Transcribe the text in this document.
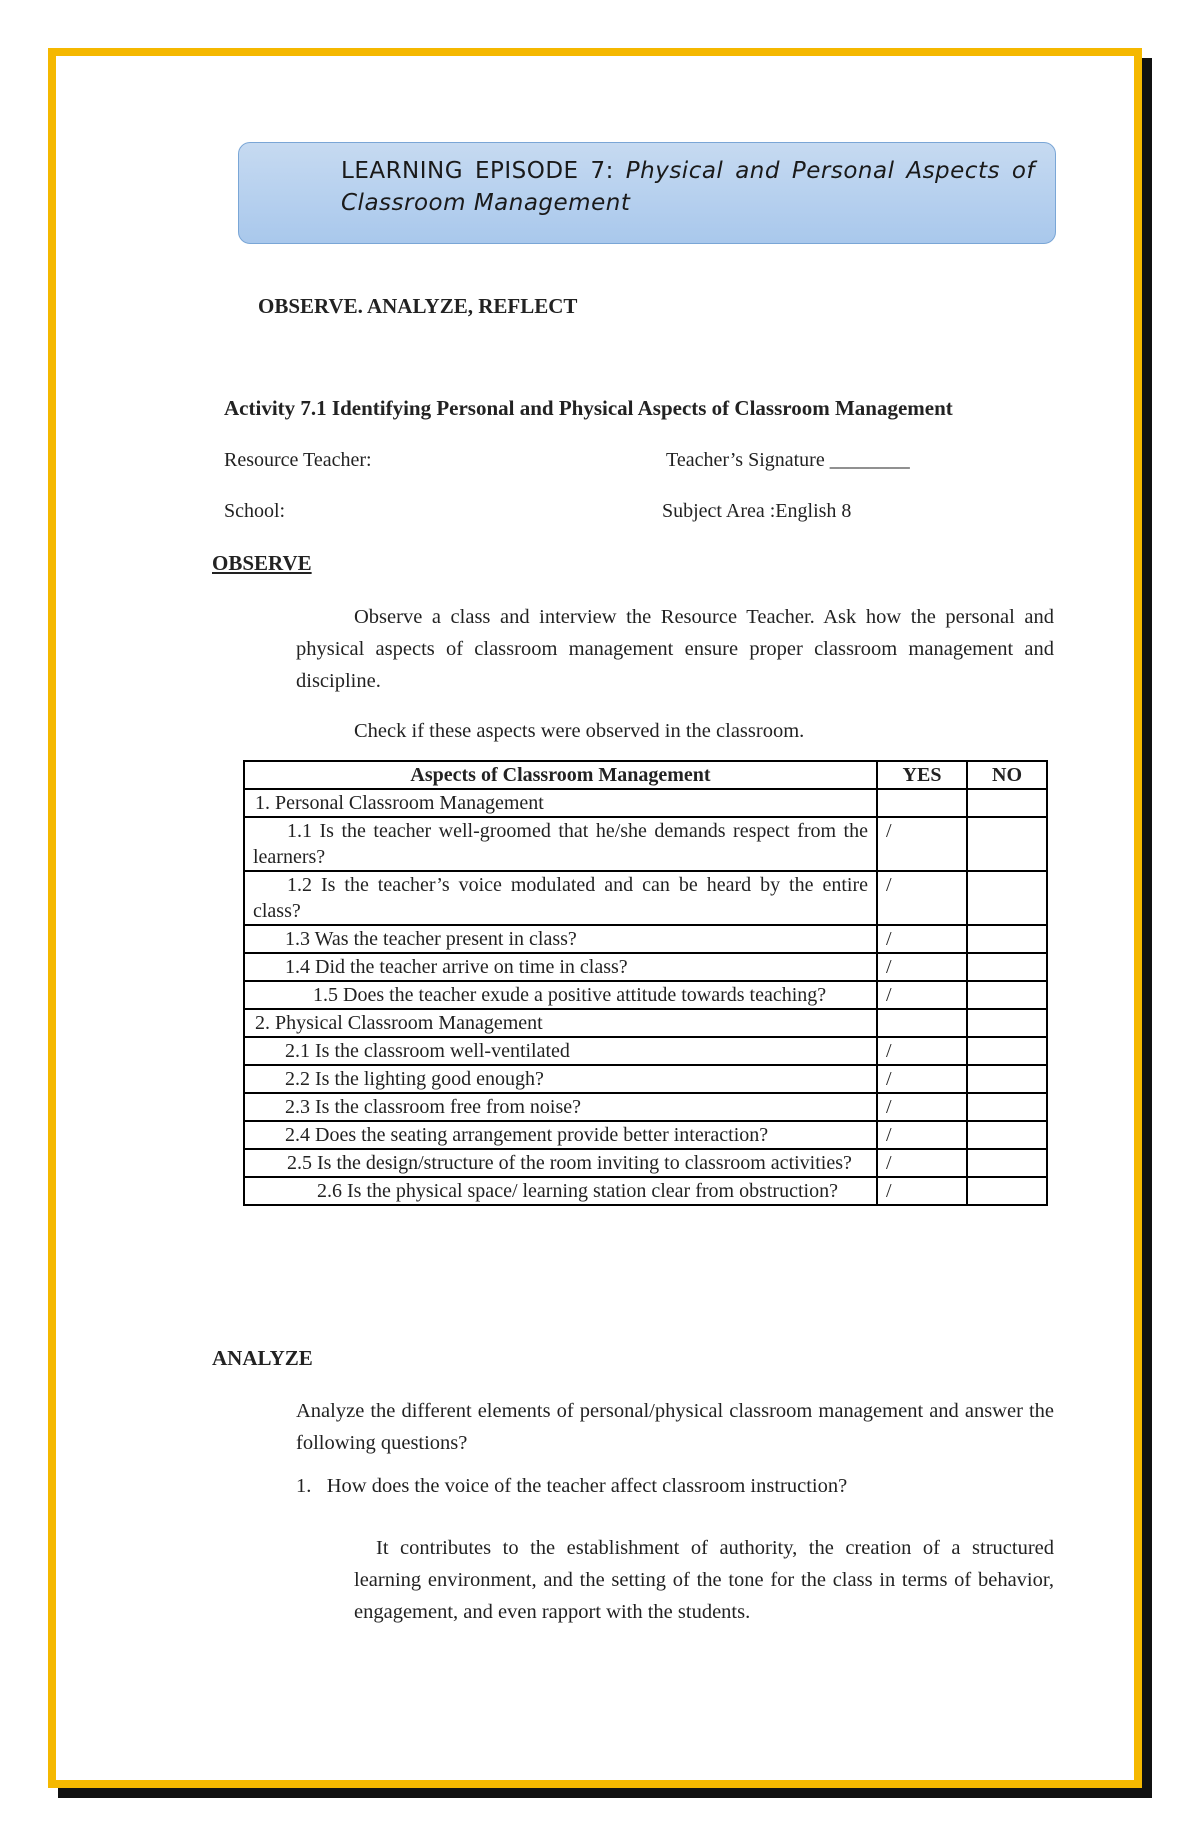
LEARNING EPISODE 7: Physical and Personal Aspects of Classroom Management
OBSERVE. ANALYZE, REFLECT
Activity 7.1 Identifying Personal and Physical Aspects of Classroom Management
Resource Teacher:	Teacher’s Signature ________
School:	Subject Area :English 8
OBSERVE
Observe a class and interview the Resource Teacher. Ask how the personal and physical aspects of classroom management ensure proper classroom management and discipline.
Check if these aspects were observed in the classroom.
Aspects of Classroom Management	YES	NO
1. Personal Classroom Management		
1.1 Is the teacher well-groomed that he/she demands respect from the learners?	/	
1.2 Is the teacher’s voice modulated and can be heard by the entire class?	/	
1.3 Was the teacher present in class?	/	
1.4 Did the teacher arrive on time in class?	/	
1.5 Does the teacher exude a positive attitude towards teaching?	/	
2. Physical Classroom Management		
2.1 Is the classroom well-ventilated	/	
2.2 Is the lighting good enough?	/	
2.3 Is the classroom free from noise?	/	
2.4 Does the seating arrangement provide better interaction?	/	
2.5 Is the design/structure of the room inviting to classroom activities?	/	
2.6 Is the physical space/ learning station clear from obstruction?	/	
ANALYZE
Analyze the different elements of personal/physical classroom management and answer the following questions?
1. How does the voice of the teacher affect classroom instruction?
It contributes to the establishment of authority, the creation of a structured learning environment, and the setting of the tone for the class in terms of behavior, engagement, and even rapport with the students.
